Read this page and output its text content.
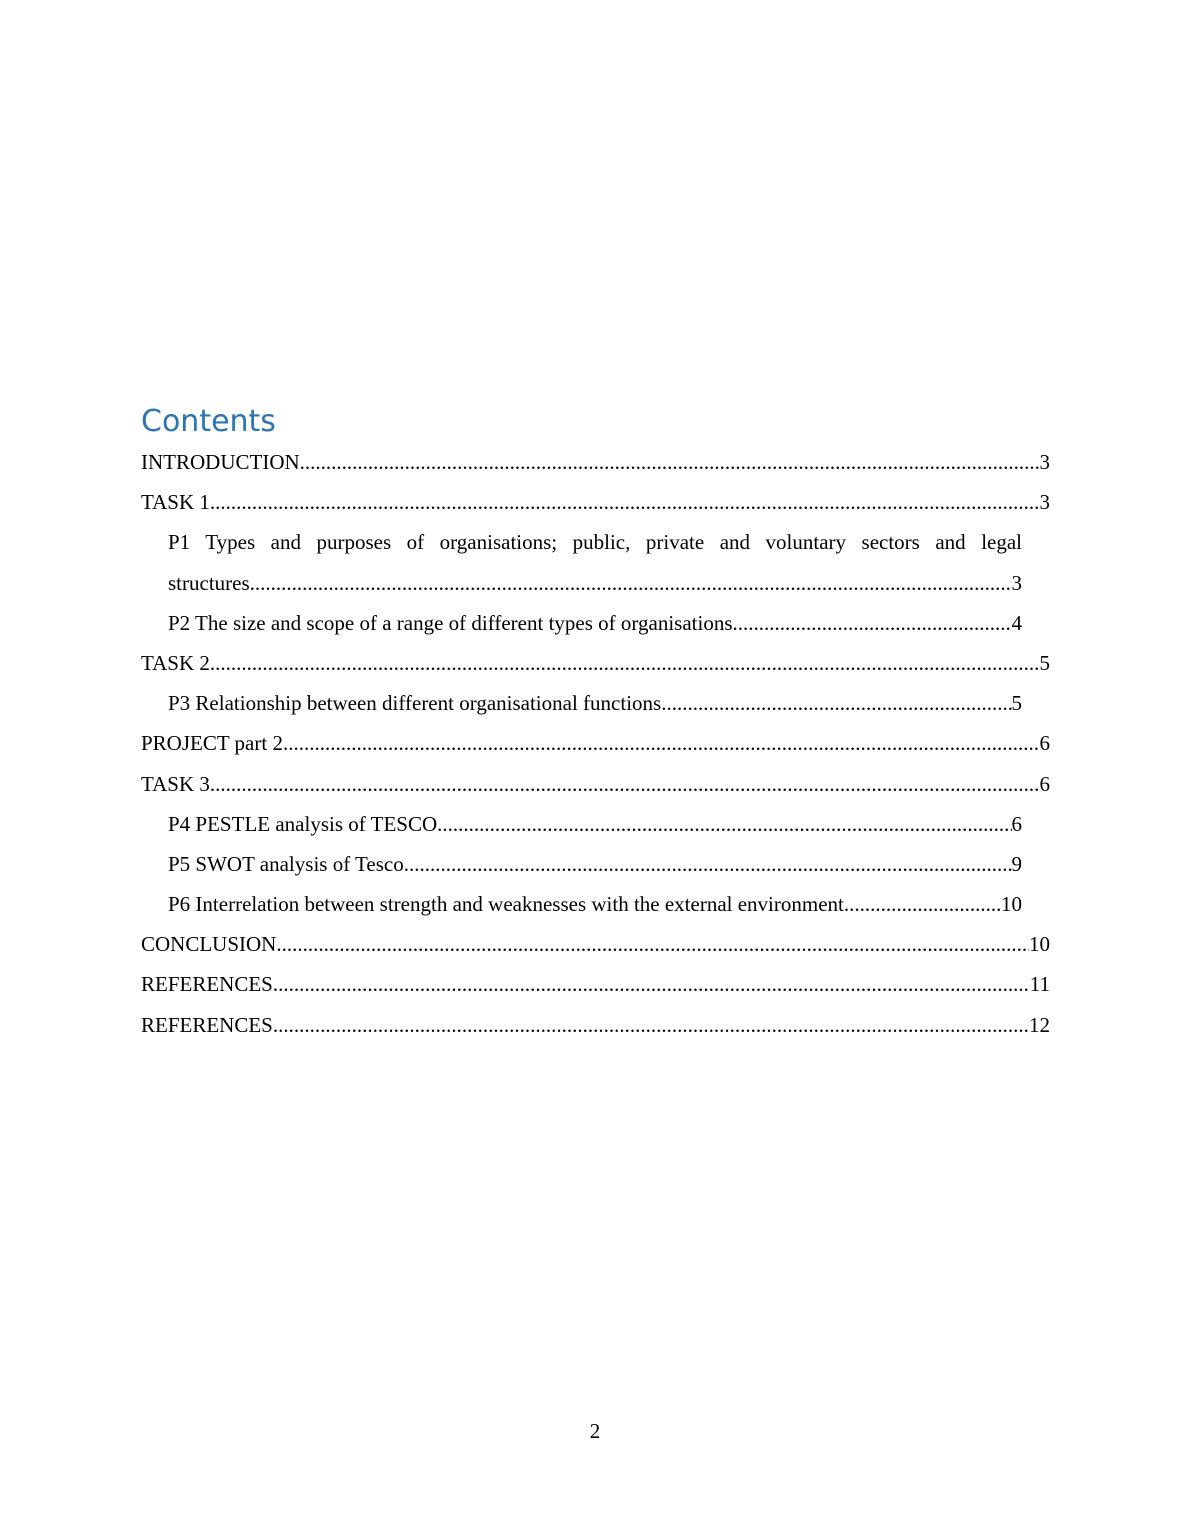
Contents
INTRODUCTION .....	3
TASK 1 .....	3
P1 Types and purposes of organisations; public, private and voluntary sectors and legal
structures .....	3
P2 The size and scope of a range of different types of organisations .....	4
TASK 2 .....	5
P3 Relationship between different organisational functions .....	5
PROJECT part 2 .....	6
TASK 3 .....	6
P4 PESTLE analysis of TESCO .....	6
P5 SWOT analysis of Tesco .....	9
P6 Interrelation between strength and weaknesses with the external environment .....	10
CONCLUSION .....	10
REFERENCES .....	11
REFERENCES .....	12
2
